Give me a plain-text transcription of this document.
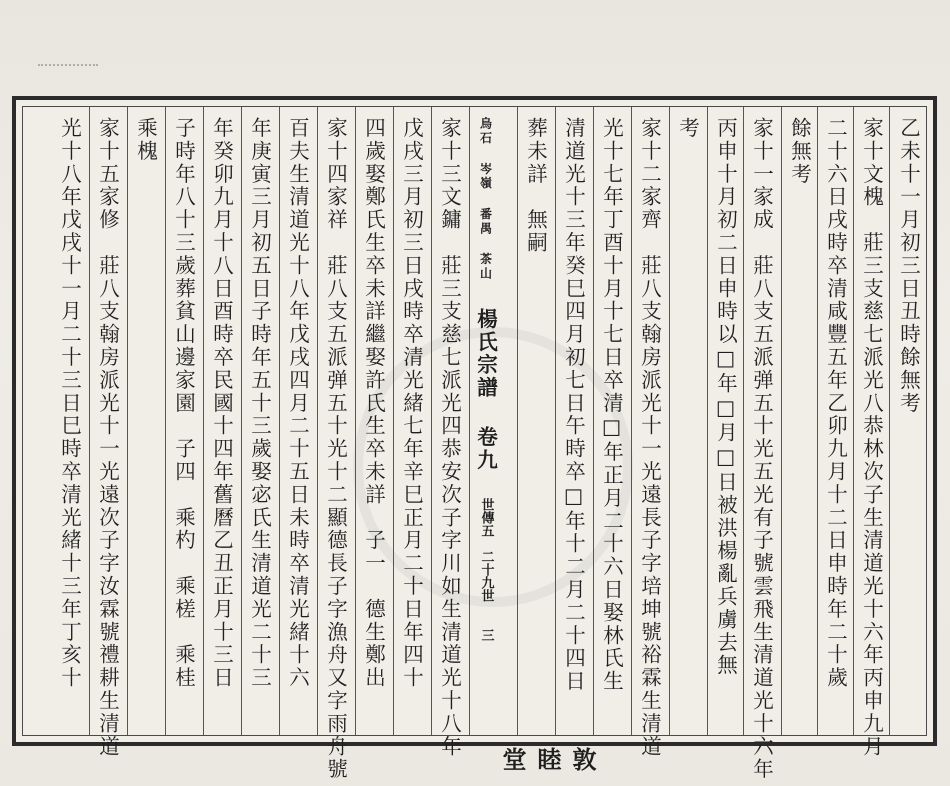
乙未十一月初三日丑時餘無考
家十文槐　莊三支慈七派光八恭林次子生清道光十六年丙申九月
二十六日戌時卒清咸豐五年乙卯九月十二日申時年二十歲
餘無考
家十一家成　莊八支五派弹五十光五光有子號雲飛生清道光十六年
丙申十月初二日申時以□年□月□日被洪楊亂兵虜去無
考
家十二家齊　莊八支翰房派光十一光遠長子字培坤號裕霖生清道
光十七年丁酉十月十七日卒清□年正月二十六日娶林氏生
清道光十三年癸巳四月初七日午時卒□年十二月二十四日
葬未詳　無嗣
烏石 岑嶺 番禺 茶山 楊氏宗譜 卷九 世傳五　二十九世 三
敦睦堂
家十三文鏞　莊三支慈七派光四恭安次子字川如生清道光十八年
戊戌三月初三日戌時卒清光緒七年辛巳正月二十日年四十
四歲娶鄭氏生卒未詳繼娶許氏生卒未詳　子一　德生鄭出
家十四家祥　莊八支五派弹五十光十二顯德長子字漁舟又字雨舟號
百夫生清道光十八年戊戌四月二十五日未時卒清光緒十六
年庚寅三月初五日子時年五十三歲娶宓氏生清道光二十三
年癸卯九月十八日酉時卒民國十四年舊曆乙丑正月十三日
子時年八十三歲葬貧山邊家園　子四　乘杓　乘槎　乘桂
乘槐
家十五家修　莊八支翰房派光十一光遠次子字汝霖號禮耕生清道
光十八年戊戌十一月二十三日巳時卒清光緒十三年丁亥十
